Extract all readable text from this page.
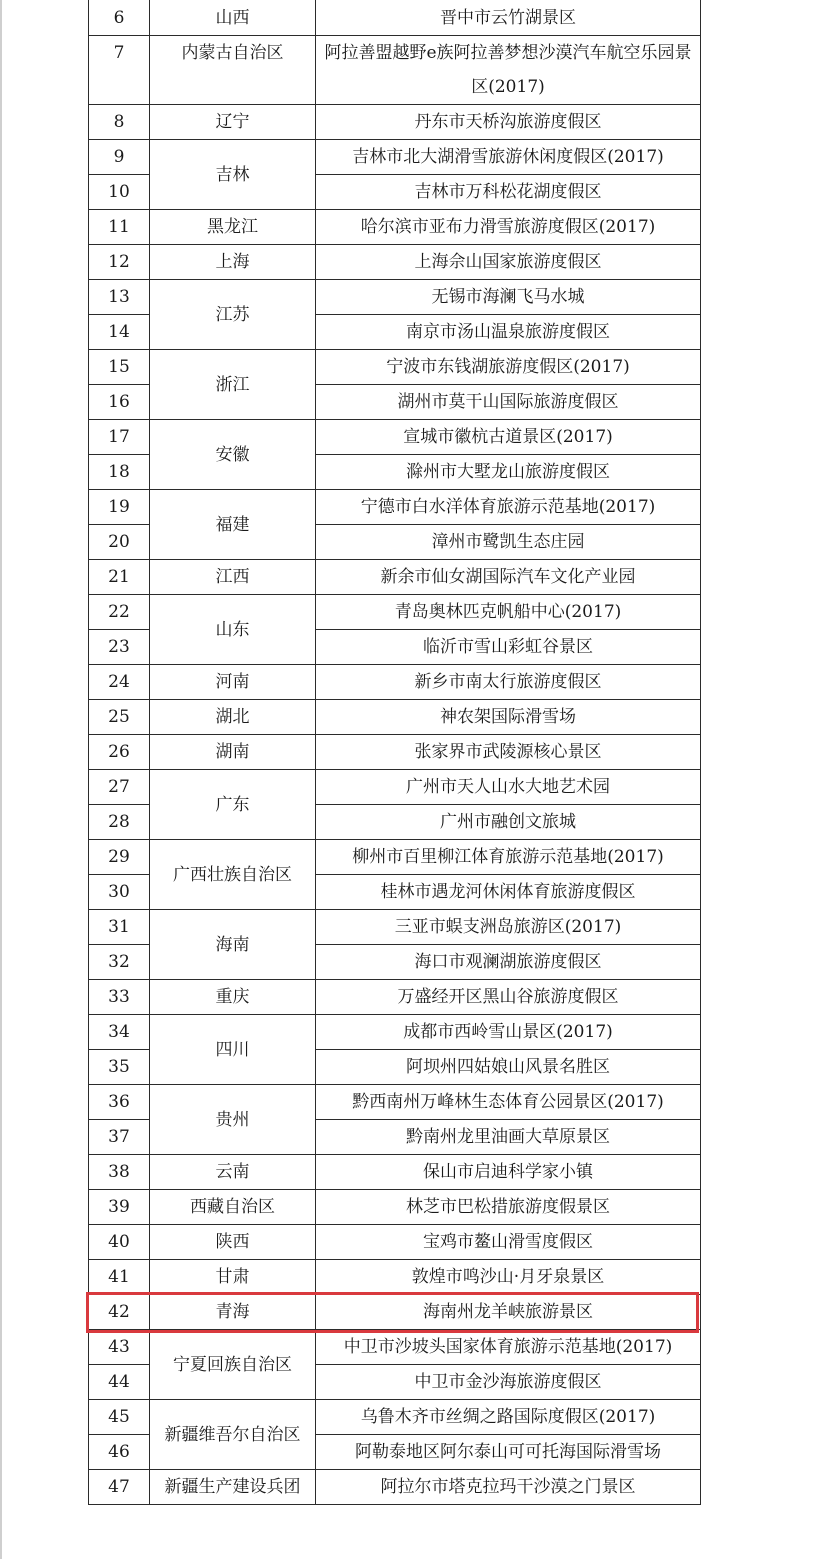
6	山西	晋中市云竹湖景区
7	内蒙古自治区	阿拉善盟越野e族阿拉善梦想沙漠汽车航空乐园景区(2017)
8	辽宁	丹东市天桥沟旅游度假区
9	吉林	吉林市北大湖滑雪旅游休闲度假区(2017)
10		吉林市万科松花湖度假区
11	黑龙江	哈尔滨市亚布力滑雪旅游度假区(2017)
12	上海	上海佘山国家旅游度假区
13	江苏	无锡市海澜飞马水城
14		南京市汤山温泉旅游度假区
15	浙江	宁波市东钱湖旅游度假区(2017)
16		湖州市莫干山国际旅游度假区
17	安徽	宣城市徽杭古道景区(2017)
18		滁州市大墅龙山旅游度假区
19	福建	宁德市白水洋体育旅游示范基地(2017)
20		漳州市鹭凯生态庄园
21	江西	新余市仙女湖国际汽车文化产业园
22	山东	青岛奥林匹克帆船中心(2017)
23		临沂市雪山彩虹谷景区
24	河南	新乡市南太行旅游度假区
25	湖北	神农架国际滑雪场
26	湖南	张家界市武陵源核心景区
27	广东	广州市天人山水大地艺术园
28		广州市融创文旅城
29	广西壮族自治区	柳州市百里柳江体育旅游示范基地(2017)
30		桂林市遇龙河休闲体育旅游度假区
31	海南	三亚市蜈支洲岛旅游区(2017)
32		海口市观澜湖旅游度假区
33	重庆	万盛经开区黑山谷旅游度假区
34	四川	成都市西岭雪山景区(2017)
35		阿坝州四姑娘山风景名胜区
36	贵州	黔西南州万峰林生态体育公园景区(2017)
37		黔南州龙里油画大草原景区
38	云南	保山市启迪科学家小镇
39	西藏自治区	林芝市巴松措旅游度假景区
40	陕西	宝鸡市鳌山滑雪度假区
41	甘肃	敦煌市鸣沙山·月牙泉景区
42	青海	海南州龙羊峡旅游景区
43	宁夏回族自治区	中卫市沙坡头国家体育旅游示范基地(2017)
44		中卫市金沙海旅游度假区
45	新疆维吾尔自治区	乌鲁木齐市丝绸之路国际度假区(2017)
46		阿勒泰地区阿尔泰山可可托海国际滑雪场
47	新疆生产建设兵团	阿拉尔市塔克拉玛干沙漠之门景区
